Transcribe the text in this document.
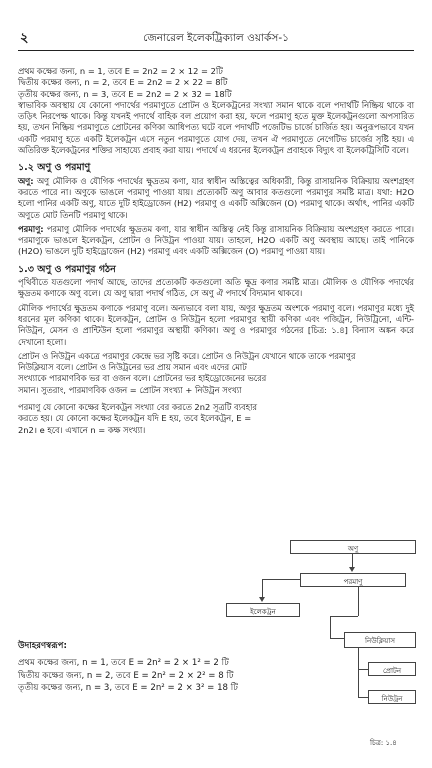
২	জেনারেল ইলেকট্রিক্যাল ওয়ার্কস-১

প্রথম কক্ষের জন্য, n = 1, তবে E = 2n2 = 2 × 12 = 2টি

দ্বিতীয় কক্ষের জন্য, n = 2, তবে E = 2n2 = 2 × 22 = 8টি

তৃতীয় কক্ষের জন্য, n = 3, তবে E = 2n2 = 2 × 32 = 18টি

স্বাভাবিক অবস্থায় যে কোনো পদার্থের পরমাণুতে প্রোটন ও ইলেকট্রনের সংখ্যা সমান থাকে বলে পদার্থটি নিষ্ক্রিয় থাকে বা তড়িৎ নিরপেক্ষ থাকে। কিন্তু যখনই পদার্থে বাহিক বল প্রয়োগ করা হয়, ফলে পরমাণু হতে মুক্ত ইলেকট্রনগুলো অপসারিত হয়, তখন নিষ্ক্রিয় পরমাণুতে প্রোটনের কণিকা আধিপত্য ঘটে বলে পদার্থটি পজেটিভ চার্জে চার্জিত হয়। অনুরূপভাবে যখন একটি পরমাণু হতে একটি ইলেকট্রন এসে নতুন পরমাণুতে যোগ দেয়, তখন ঐ পরমাণুতে নেগেটিভ চার্জের সৃষ্টি হয়। এ অতিরিক্ত ইলেকট্রনের শক্তির সাহায্যে প্রবাহ করা যায়। পদার্থে এ ধরনের ইলেকট্রন প্রবাহকে বিদ্যুৎ বা ইলেকট্রিসিটি বলে।

১.২ অণু ও পরমাণু

অণু: অণু মৌলিক ও যৌগিক পদার্থের ক্ষুদ্রতম কণা, যার স্বাধীন অস্তিত্বের অধিকারী, কিন্তু রাসায়নিক বিক্রিয়ায় অংশগ্রহণ করতে পারে না। অণুকে ভাঙলে পরমাণু পাওয়া যায়। প্রত্যেকটি অণু আবার কতগুলো পরমাণুর সমষ্টি মাত্র। যথা: H2O হলো পানির একটি অণু, যাতে দুটি হাইড্রোজেন (H2) পরমাণু ও একটি অক্সিজেন (O) পরমাণু থাকে। অর্থাৎ, পানির একটি অণুতে মোট তিনটি পরমাণু থাকে।

পরমাণু: পরমাণু মৌলিক পদার্থের ক্ষুদ্রতম কণা, যার স্বাধীন অস্তিত্ব নেই কিন্তু রাসায়নিক বিক্রিয়ায় অংশগ্রহণ করতে পারে। পরমাণুকে ভাঙলে ইলেকট্রন, প্রোটন ও নিউট্রন পাওয়া যায়। তাহলে, H2O একটি অণু অবস্থায় আছে। তাই পানিকে (H2O) ভাঙলে দুটি হাইড্রোজেন (H2) পরমাণু এবং একটি অক্সিজেন (O) পরমাণু পাওয়া যায়।

১.৩ অণু ও পরমাণুর গঠন

পৃথিবীতে যতগুলো পদার্থ আছে, তাদের প্রত্যেকটি কতগুলো অতি ক্ষুদ্র কণার সমষ্টি মাত্র। মৌলিক ও যৌগিক পদার্থের ক্ষুদ্রতম কণাকে অণু বলে। যে অণু দ্বারা পদার্থ গঠিত, সে অণু ঐ পদার্থে বিদ্যমান থাকবে।

মৌলিক পদার্থের ক্ষুদ্রতম কণাকে পরমাণু বলে। অন্যভাবে বলা যায়, অণুর ক্ষুদ্রতম অংশকে পরমাণু বলে। পরমাণুর মধ্যে দুই ধরনের মূল কণিকা থাকে। ইলেকট্রন, প্রোটন ও নিউট্রন হলো পরমাণুর স্থায়ী কণিকা এবং পজিট্রন, নিউট্রিনো, এন্টি-নিউট্রন, মেসন ও প্রান্টিউন হলো পরমাণুর অস্থায়ী কণিকা। অণু ও পরমাণুর গঠনের [চিত্র: ১.৪] বিন্যাস অঙ্কন করে দেখানো হলো।

প্রোটন ও নিউট্রন একত্রে পরমাণুর কেন্দ্রে ভর সৃষ্টি করে। প্রোটন ও নিউট্রন যেখানে থাকে তাকে পরমাণুর

নিউক্লিয়াস বলে। প্রোটন ও নিউট্রনের ভর প্রায় সমান এবং এদের মোট

সংখ্যাকে পারমাণবিক ভর বা ওজন বলে। প্রোটনের ভর হাইড্রোজেনের ভরের

সমান। সুতরাং, পারমাণবিক ওজন = প্রোটন সংখ্যা + নিউট্রন সংখ্যা

পরমাণু যে কোনো কক্ষের ইলেকট্রন সংখ্যা বের করতে 2n2 সূত্রটি ব্যবহার

করতে হয়। যে কোনো কক্ষের ইলেকট্রন যদি E হয়, তবে ইলেকট্রন, E =

2n2। e হবে। এখানে n = কক্ষ সংখ্যা।

উদাহরণস্বরূপ:

প্রথম কক্ষের জন্য, n = 1, তবে E = 2n² = 2 × 1² = 2 টি

দ্বিতীয় কক্ষের জন্য, n = 2, তবে E = 2n² = 2 × 2² = 8 টি

তৃতীয় কক্ষের জন্য, n = 3, তবে E = 2n² = 2 × 3² = 18 টি

অণু
পরমাণু
ইলেকট্রন
নিউক্লিয়াস
প্রোটন
নিউট্রন
চিত্র: ১.৪
